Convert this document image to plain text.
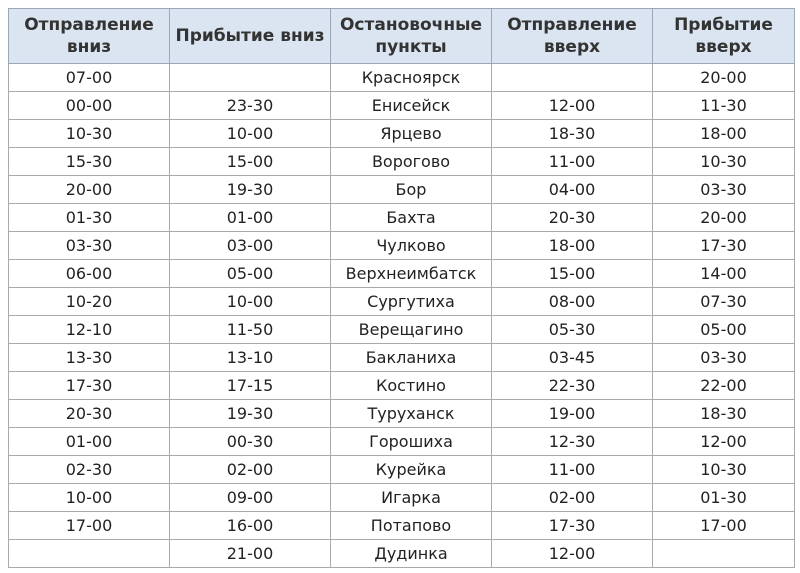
Отправление вниз	Прибытие вниз	Остановочные пункты	Отправление вверх	Прибытие вверх
07-00		Красноярск		20-00
00-00	23-30	Енисейск	12-00	11-30
10-30	10-00	Ярцево	18-30	18-00
15-30	15-00	Ворогово	11-00	10-30
20-00	19-30	Бор	04-00	03-30
01-30	01-00	Бахта	20-30	20-00
03-30	03-00	Чулково	18-00	17-30
06-00	05-00	Верхнеимбатск	15-00	14-00
10-20	10-00	Сургутиха	08-00	07-30
12-10	11-50	Верещагино	05-30	05-00
13-30	13-10	Бакланиха	03-45	03-30
17-30	17-15	Костино	22-30	22-00
20-30	19-30	Туруханск	19-00	18-30
01-00	00-30	Горошиха	12-30	12-00
02-30	02-00	Курейка	11-00	10-30
10-00	09-00	Игарка	02-00	01-30
17-00	16-00	Потапово	17-30	17-00
	21-00	Дудинка	12-00	
